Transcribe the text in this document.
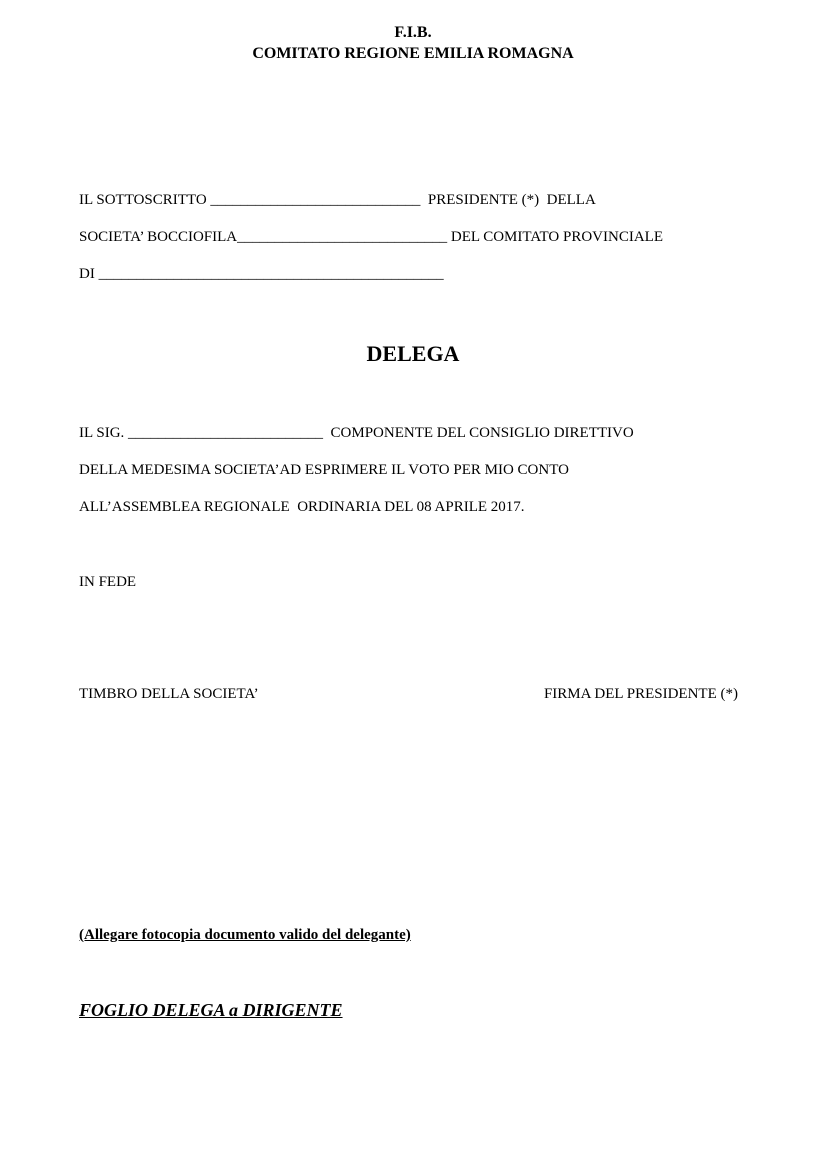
F.I.B.
COMITATO REGIONE EMILIA ROMAGNA
IL SOTTOSCRITTO ____________________________  PRESIDENTE (*)  DELLA
SOCIETA’ BOCCIOFILA____________________________ DEL COMITATO PROVINCIALE
DI ______________________________________________
DELEGA
IL SIG. __________________________  COMPONENTE DEL CONSIGLIO DIRETTIVO
DELLA MEDESIMA SOCIETA’AD ESPRIMERE IL VOTO PER MIO CONTO
ALL’ASSEMBLEA REGIONALE  ORDINARIA DEL 08 APRILE 2017.
IN FEDE
TIMBRO DELLA SOCIETA’	FIRMA DEL PRESIDENTE (*)
(Allegare fotocopia documento valido del delegante)
FOGLIO DELEGA a DIRIGENTE
